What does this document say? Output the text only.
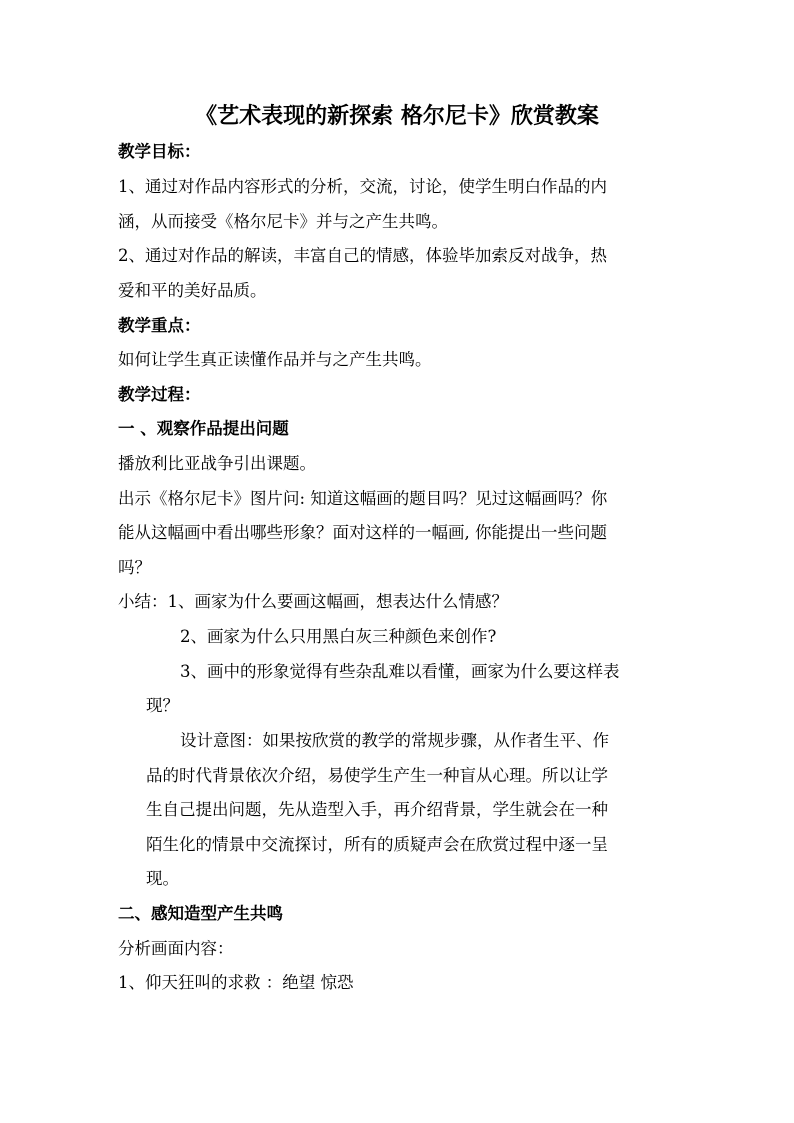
《艺术表现的新探索 格尔尼卡》欣赏教案
教学目标：
1、通过对作品内容形式的分析，交流，讨论，使学生明白作品的内
涵，从而接受《格尔尼卡》并与之产生共鸣。
2、通过对作品的解读，丰富自己的情感，体验毕加索反对战争，热
爱和平的美好品质。
教学重点：
如何让学生真正读懂作品并与之产生共鸣。
教学过程：
一 、观察作品提出问题
播放利比亚战争引出课题。
出示《格尔尼卡》图片问: 知道这幅画的题目吗？见过这幅画吗？你
能从这幅画中看出哪些形象？面对这样的一幅画, 你能提出一些问题
吗？
小结：1、画家为什么要画这幅画，想表达什么情感？
2、画家为什么只用黑白灰三种颜色来创作?
3、画中的形象觉得有些杂乱难以看懂，画家为什么要这样表
现？
设计意图：如果按欣赏的教学的常规步骤，从作者生平、作
品的时代背景依次介绍，易使学生产生一种盲从心理。所以让学
生自己提出问题，先从造型入手，再介绍背景，学生就会在一种
陌生化的情景中交流探讨，所有的质疑声会在欣赏过程中逐一呈
现。
二、感知造型产生共鸣
分析画面内容：
1、仰天狂叫的求救 ：绝望 惊恐
